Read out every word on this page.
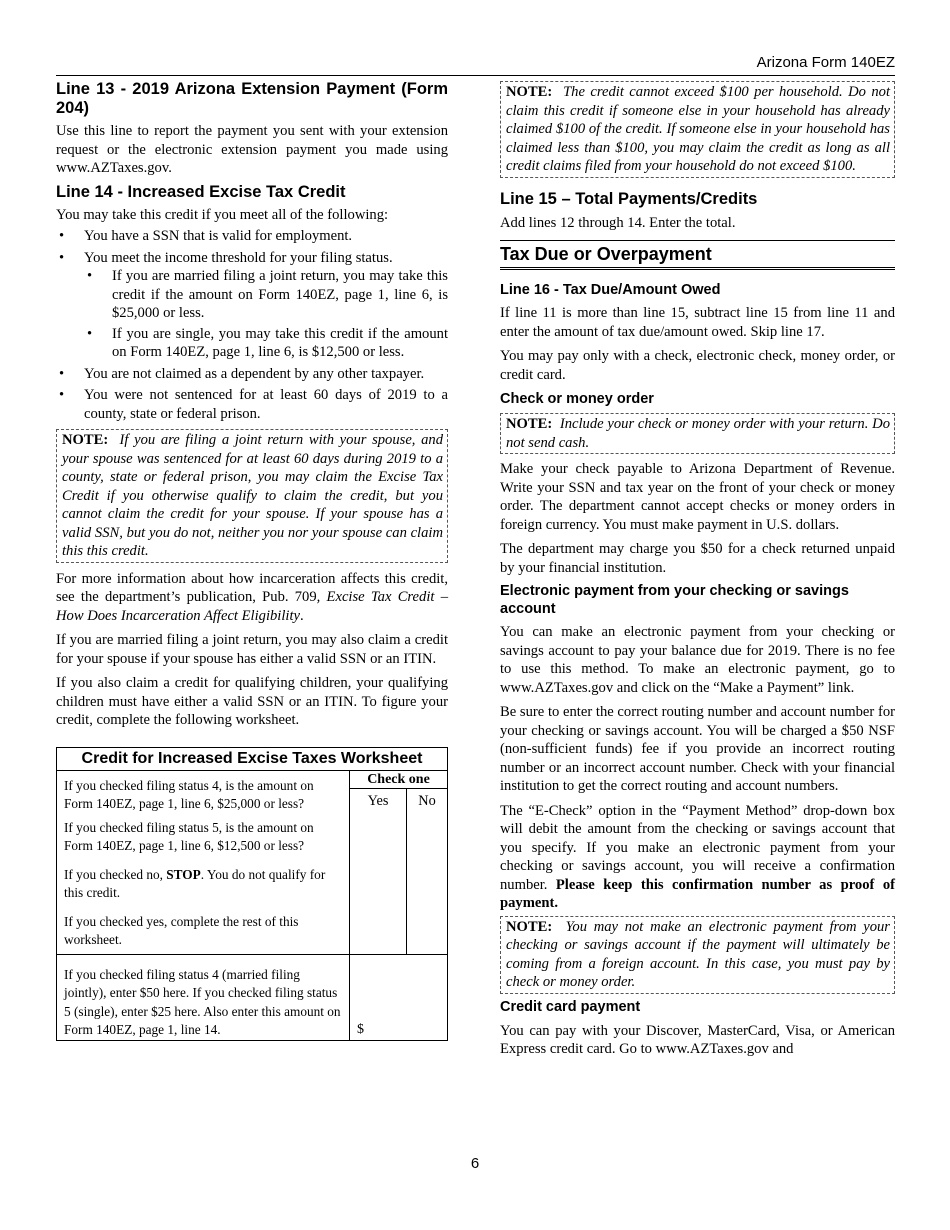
Arizona Form 140EZ
Line 13 - 2019 Arizona Extension Payment (Form 204)

Use this line to report the payment you sent with your extension request or the electronic extension payment you made using www.AZTaxes.gov.

Line 14 - Increased Excise Tax Credit

You may take this credit if you meet all of the following:

• You have a SSN that is valid for employment.
• You meet the income threshold for your filing status.
• If you are married filing a joint return, you may take this credit if the amount on Form 140EZ, page 1, line 6, is $25,000 or less.
• If you are single, you may take this credit if the amount on Form 140EZ, page 1, line 6, is $12,500 or less.
• You are not claimed as a dependent by any other taxpayer.
• You were not sentenced for at least 60 days of 2019 to a county, state or federal prison.
NOTE: If you are filing a joint return with your spouse, and your spouse was sentenced for at least 60 days during 2019 to a county, state or federal prison, you may claim the Excise Tax Credit if you otherwise qualify to claim the credit, but you cannot claim the credit for your spouse. If your spouse has a valid SSN, but you do not, neither you nor your spouse can claim this this credit.

For more information about how incarceration affects this credit, see the department’s publication, Pub. 709, Excise Tax Credit – How Does Incarceration Affect Eligibility.

If you are married filing a joint return, you may also claim a credit for your spouse if your spouse has either a valid SSN or an ITIN.

If you also claim a credit for qualifying children, your qualifying children must have either a valid SSN or an ITIN. To figure your credit, complete the following worksheet.

Credit for Increased Excise Taxes Worksheet
If you checked filing status 4, is the amount on Form 140EZ, page 1, line 6, $25,000 or less?
If you checked filing status 5, is the amount on Form 140EZ, page 1, line 6, $12,500 or less?
If you checked no, STOP. You do not qualify for this credit.
If you checked yes, complete the rest of this worksheet.	Check one	
	Yes	No
If you checked filing status 4 (married filing jointly), enter $50 here. If you checked filing status 5 (single), enter $25 here. Also enter this amount on Form 140EZ, page 1, line 14.	$	
NOTE: The credit cannot exceed $100 per household. Do not claim this credit if someone else in your household has already claimed $100 of the credit. If someone else in your household has claimed less than $100, you may claim the credit as long as all credit claims filed from your household do not exceed $100.
Line 15 – Total Payments/Credits

Add lines 12 through 14. Enter the total.

Tax Due or Overpayment
Line 16 - Tax Due/Amount Owed

If line 11 is more than line 15, subtract line 15 from line 11 and enter the amount of tax due/amount owed. Skip line 17.

You may pay only with a check, electronic check, money order, or credit card.

Check or money order
NOTE: Include your check or money order with your return. Do not send cash.

Make your check payable to Arizona Department of Revenue. Write your SSN and tax year on the front of your check or money order. The department cannot accept checks or money orders in foreign currency. You must make payment in U.S. dollars.

The department may charge you $50 for a check returned unpaid by your financial institution.

Electronic payment from your checking or savings account

You can make an electronic payment from your checking or savings account to pay your balance due for 2019. There is no fee to use this method. To make an electronic payment, go to www.AZTaxes.gov and click on the “Make a Payment” link.

Be sure to enter the correct routing number and account number for your checking or savings account. You will be charged a $50 NSF (non-sufficient funds) fee if you provide an incorrect routing number or an incorrect account number. Check with your financial institution to get the correct routing and account numbers.

The “E-Check” option in the “Payment Method” drop-down box will debit the amount from the checking or savings account that you specify. If you make an electronic payment from your checking or savings account, you will receive a confirmation number. Please keep this confirmation number as proof of payment.

NOTE: You may not make an electronic payment from your checking or savings account if the payment will ultimately be coming from a foreign account. In this case, you must pay by check or money order.
Credit card payment

You can pay with your Discover, MasterCard, Visa, or American Express credit card. Go to www.AZTaxes.gov and

6
